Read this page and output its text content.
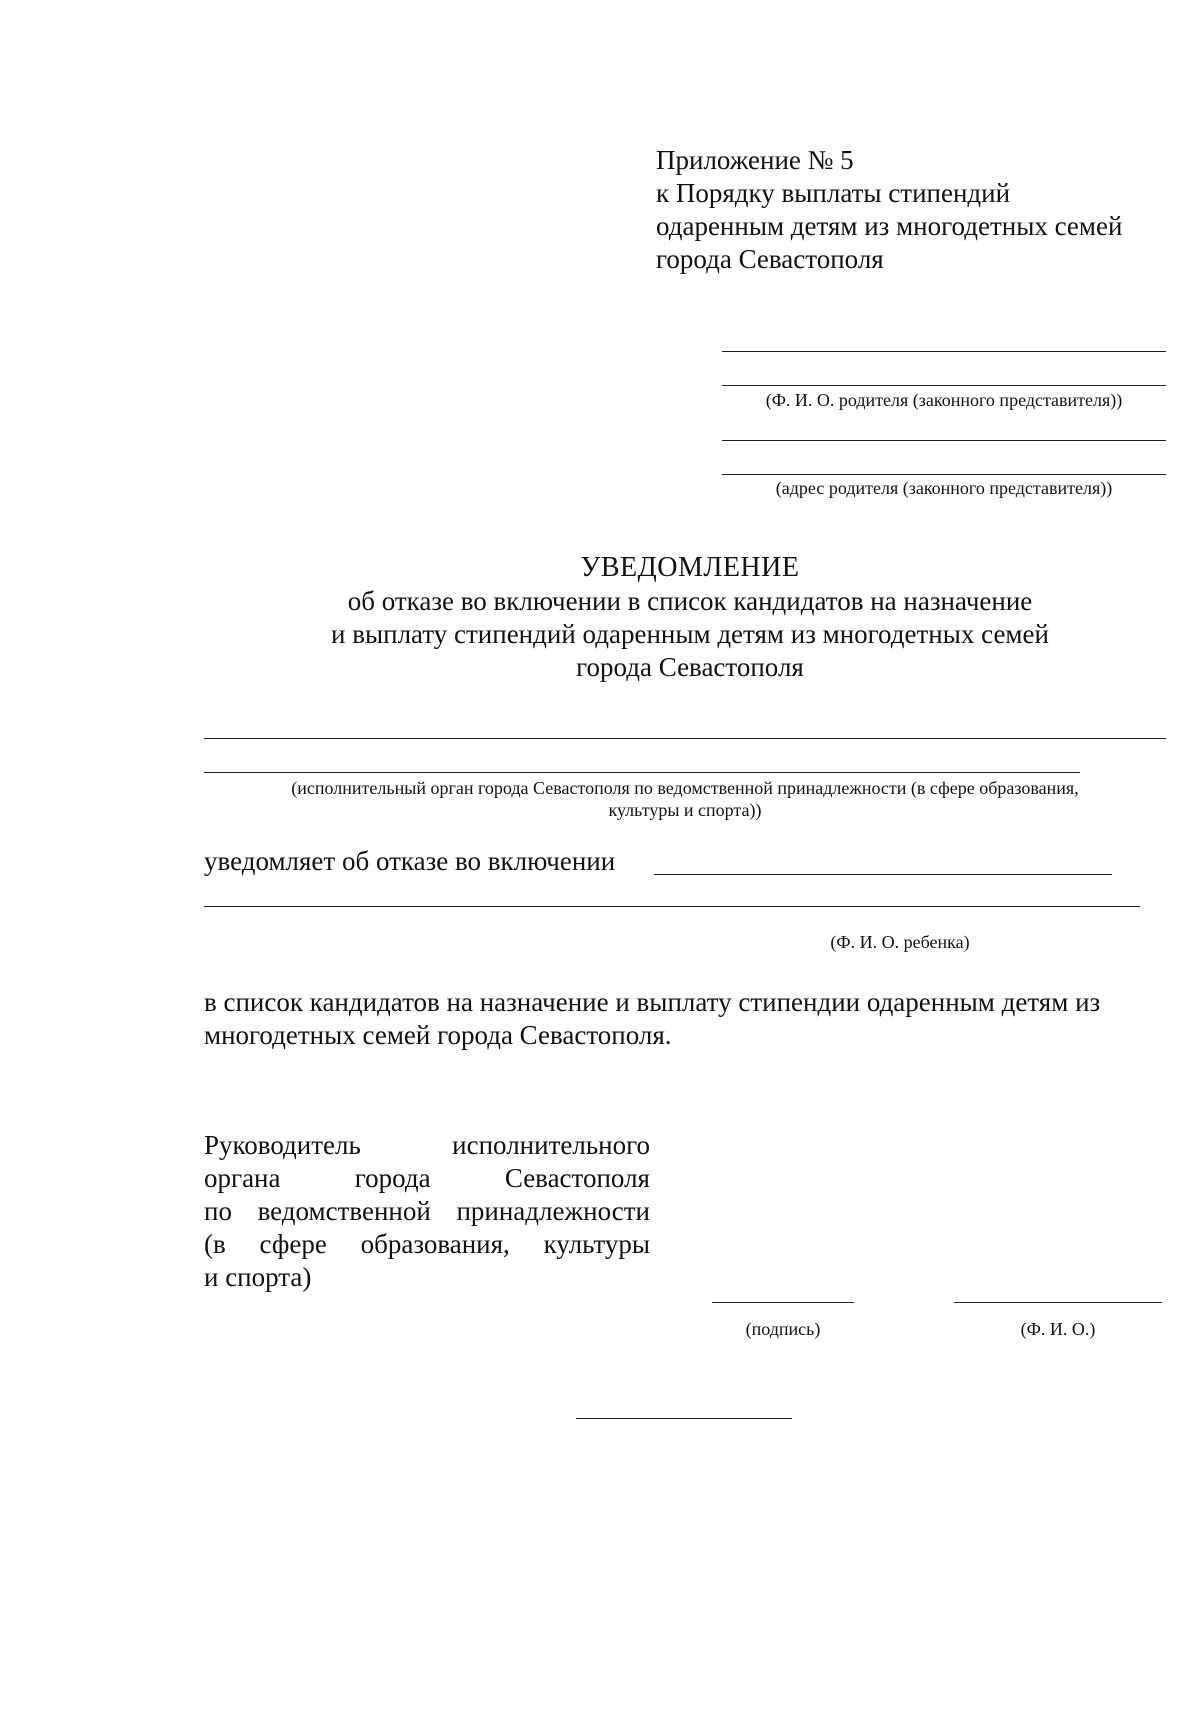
Приложение № 5
к Порядку выплаты стипендий
одаренным детям из многодетных семей
города Севастополя
(Ф. И. О. родителя (законного представителя))
(адрес родителя (законного представителя))
УВЕДОМЛЕНИЕ
об отказе во включении в список кандидатов на назначение
и выплату стипендий одаренным детям из многодетных семей
города Севастополя
(исполнительный орган города Севастополя по ведомственной принадлежности (в сфере образования,
культуры и спорта))
уведомляет об отказе во включении
(Ф. И. О. ребенка)
в список кандидатов на назначение и выплату стипендии одаренным детям из
многодетных семей города Севастополя.
Руководитель	исполнительного
органа	города	Севастополя
по ведомственной принадлежности
(в сфере образования, культуры
и спорта)
(подпись)	(Ф. И. О.)
